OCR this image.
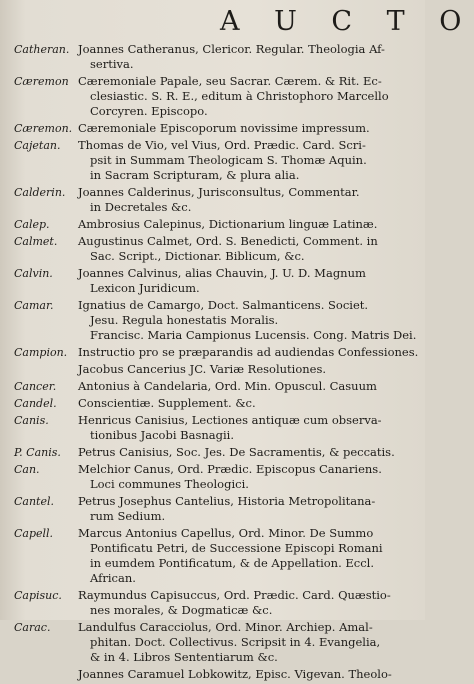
A U C T O
Catheran. Joannes Catheranus, Clericor. Regular. Theologia Af-
sertiva.
Cæremon Cæremoniale Papale, seu Sacrar. Cærem. & Rit. Ec-
clesiastic. S. R. E., editum à Christophoro Marcello
Corcyren. Episcopo.
Cæremon. Cæremoniale Episcoporum novissime impressum.
Cajetan.	Thomas de Vio, vel Vius, Ord. Prædic. Card. Scri-
psit in Summam Theologicam S. Thomæ Aquin.
in Sacram Scripturam, & plura alia.
Calderin.	Joannes Calderinus, Jurisconsultus, Commentar.
in Decretales &c.
Calep.	Ambrosius Calepinus, Dictionarium linguæ Latinæ.
Calmet.	Augustinus Calmet, Ord. S. Benedicti, Comment. in
Sac. Script., Dictionar. Biblicum, &c.
Calvin.	Joannes Calvinus, alias Chauvin, J. U. D. Magnum
Lexicon Juridicum.
Camar.	Ignatius de Camargo, Doct. Salmanticens. Societ.
Jesu. Regula honestatis Moralis.
Francisc. Maria Campionus Lucensis. Cong. Matris Dei.
Campion. Instructio pro se præparandis ad audiendas Confessiones.
Jacobus Cancerius JC. Variæ Resolutiones.
Cancer.	Antonius à Candelaria, Ord. Min. Opuscul. Casuum
Candel.	Conscientiæ. Supplement. &c.
Canis.	Henricus Canisius, Lectiones antiquæ cum observa-
tionibus Jacobi Basnagii.
P. Canis.	Petrus Canisius, Soc. Jes. De Sacramentis, & peccatis.
Can.	Melchior Canus, Ord. Prædic. Episcopus Canariens.
Loci communes Theologici.
Cantel.	Petrus Josephus Cantelius, Historia Metropolitana-
rum Sedium.
Capell.	Marcus Antonius Capellus, Ord. Minor. De Summo
Pontificatu Petri, de Successione Episcopi Romani
in eumdem Pontificatum, & de Appellation. Eccl.
African.
Capisuc.	Raymundus Capisuccus, Ord. Prædic. Card. Quæstio-
nes morales, & Dogmaticæ &c.
Carac.	Landulfus Caracciolus, Ord. Minor. Archiep. Amal-
phitan. Doct. Collectivus. Scripsit in 4. Evangelia,
& in 4. Libros Sententiarum &c.
Joannes Caramuel Lobkowitz, Episc. Vigevan. Theolo-
